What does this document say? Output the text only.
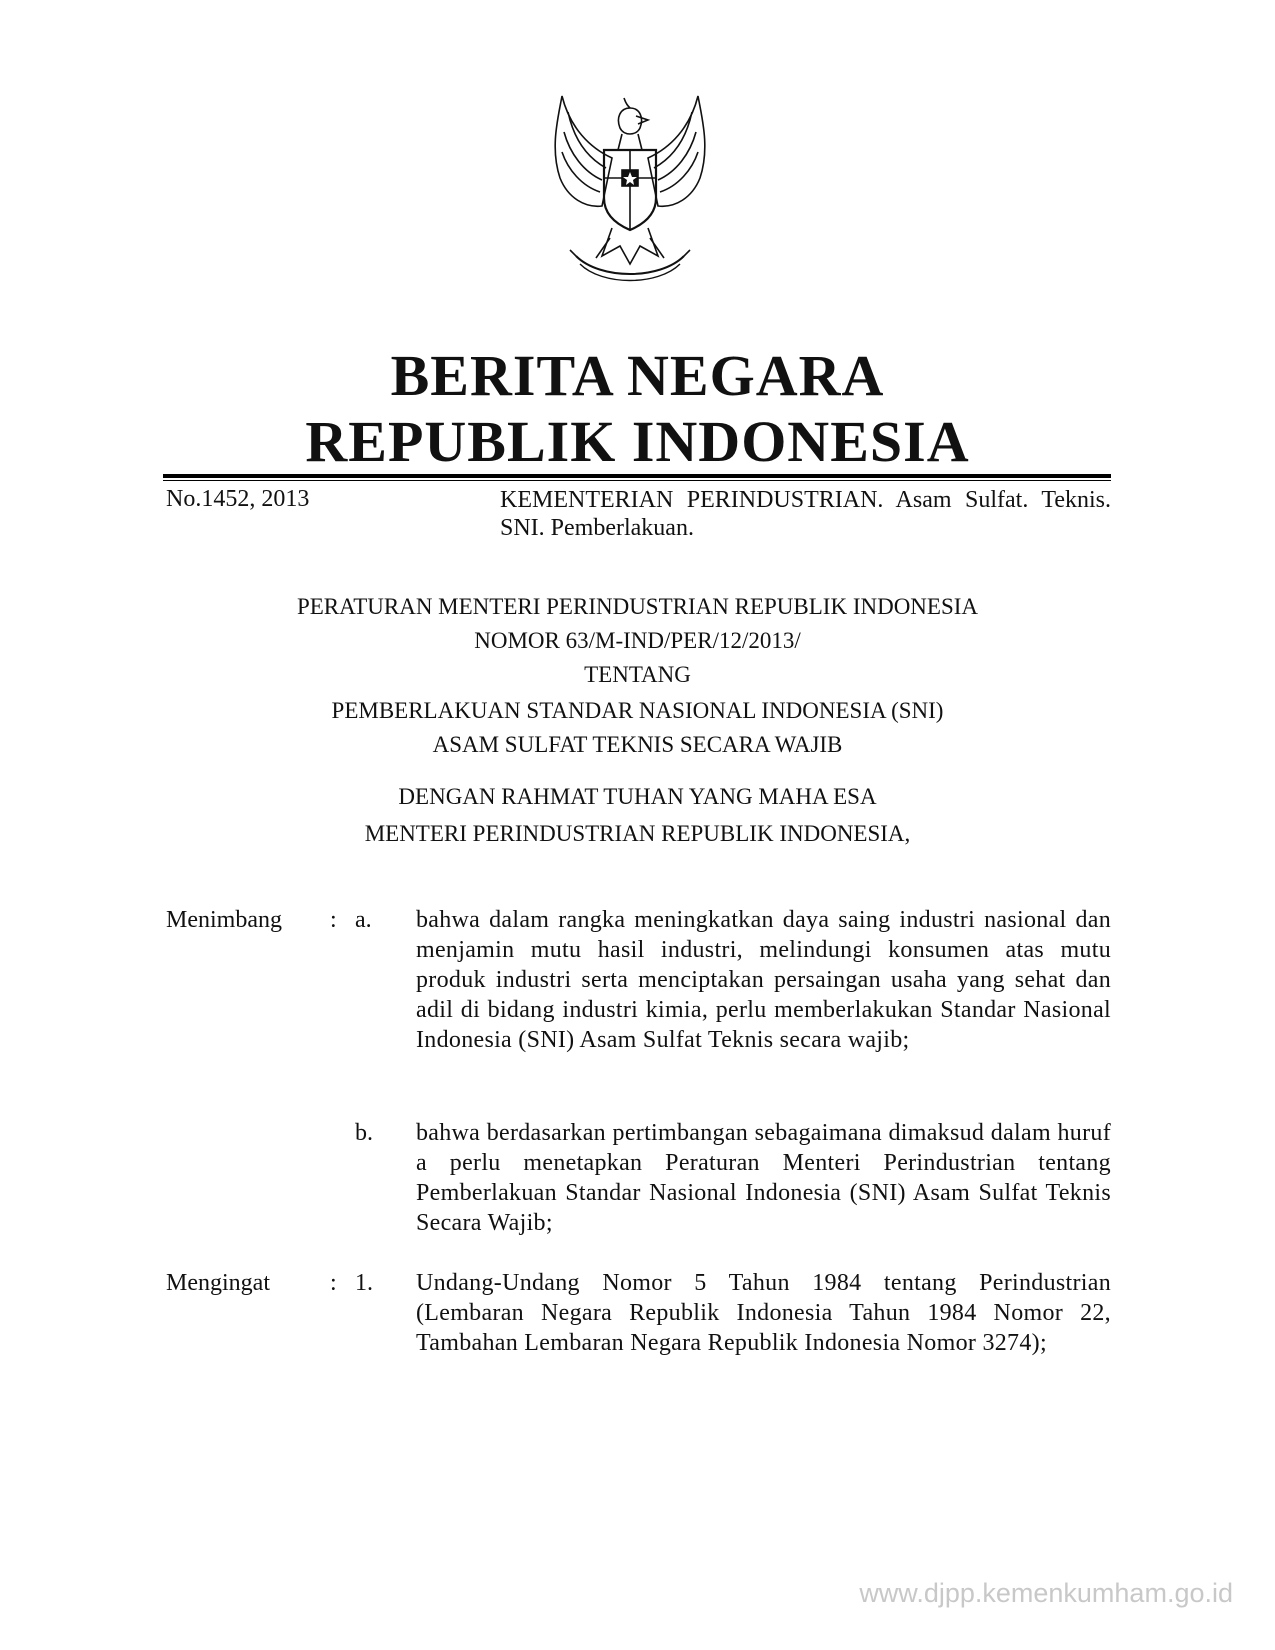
BERITA NEGARA
REPUBLIK INDONESIA
No.1452, 2013	KEMENTERIAN PERINDUSTRIAN. Asam Sulfat. Teknis. SNI. Pemberlakuan.
PERATURAN MENTERI PERINDUSTRIAN REPUBLIK INDONESIA
NOMOR 63/M-IND/PER/12/2013/
TENTANG
PEMBERLAKUAN STANDAR NASIONAL INDONESIA (SNI)
ASAM SULFAT TEKNIS SECARA WAJIB
DENGAN RAHMAT TUHAN YANG MAHA ESA
MENTERI PERINDUSTRIAN REPUBLIK INDONESIA,
Menimbang : a. bahwa dalam rangka meningkatkan daya saing industri nasional dan menjamin mutu hasil industri, melindungi konsumen atas mutu produk industri serta menciptakan persaingan usaha yang sehat dan adil di bidang industri kimia, perlu memberlakukan Standar Nasional Indonesia (SNI) Asam Sulfat Teknis secara wajib;
b. bahwa berdasarkan pertimbangan sebagaimana dimaksud dalam huruf a perlu menetapkan Peraturan Menteri Perindustrian tentang Pemberlakuan Standar Nasional Indonesia (SNI) Asam Sulfat Teknis Secara Wajib;
Mengingat	: 1. Undang-Undang Nomor 5 Tahun 1984 tentang Perindustrian (Lembaran Negara Republik Indonesia Tahun 1984 Nomor 22, Tambahan Lembaran Negara Republik Indonesia Nomor 3274);
www.djpp.kemenkumham.go.id
